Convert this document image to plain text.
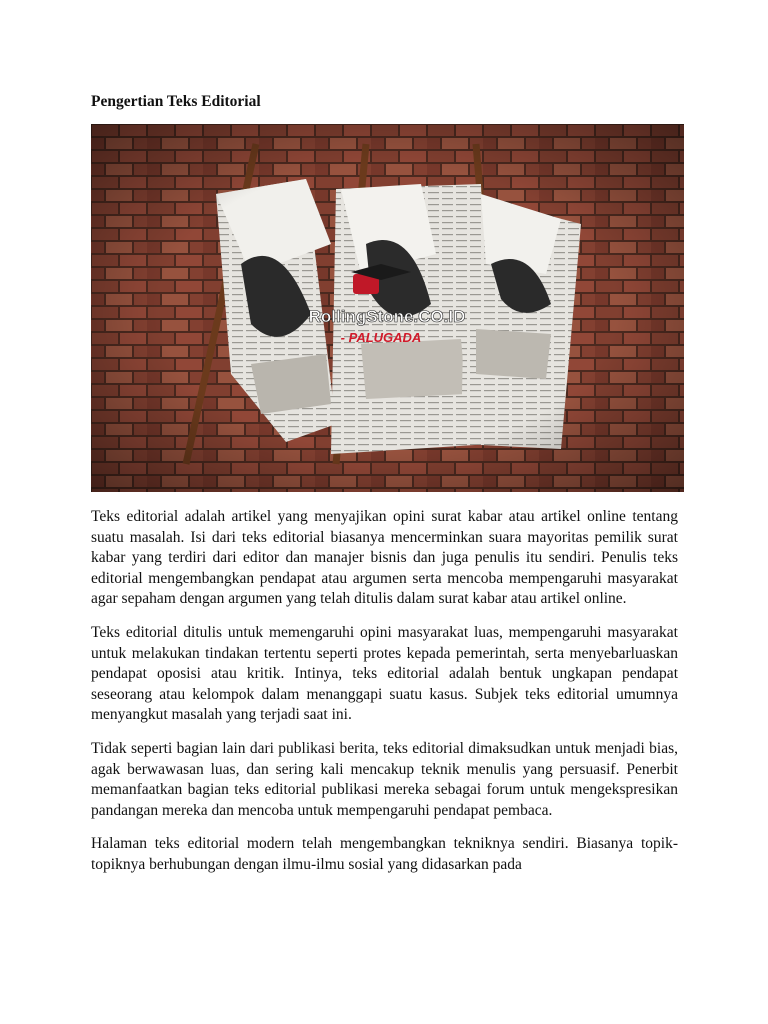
Pengertian Teks Editorial

Teks editorial adalah artikel yang menyajikan opini surat kabar atau artikel online tentang suatu masalah. Isi dari teks editorial biasanya mencerminkan suara mayoritas pemilik surat kabar yang terdiri dari editor dan manajer bisnis dan juga penulis itu sendiri. Penulis teks editorial mengembangkan pendapat atau argumen serta mencoba mempengaruhi masyarakat agar sepaham dengan argumen yang telah ditulis dalam surat kabar atau artikel online.

Teks editorial ditulis untuk memengaruhi opini masyarakat luas, mempengaruhi masyarakat untuk melakukan tindakan tertentu seperti protes kepada pemerintah, serta menyebarluaskan pendapat oposisi atau kritik. Intinya, teks editorial adalah bentuk ungkapan pendapat seseorang atau kelompok dalam menanggapi suatu kasus. Subjek teks editorial umumnya menyangkut masalah yang terjadi saat ini.

Tidak seperti bagian lain dari publikasi berita, teks editorial dimaksudkan untuk menjadi bias, agak berwawasan luas, dan sering kali mencakup teknik menulis yang persuasif. Penerbit memanfaatkan bagian teks editorial publikasi mereka sebagai forum untuk mengekspresikan pandangan mereka dan mencoba untuk mempengaruhi pendapat pembaca.

Halaman teks editorial modern telah mengembangkan tekniknya sendiri. Biasanya topik-topiknya berhubungan dengan ilmu-ilmu sosial yang didasarkan pada
